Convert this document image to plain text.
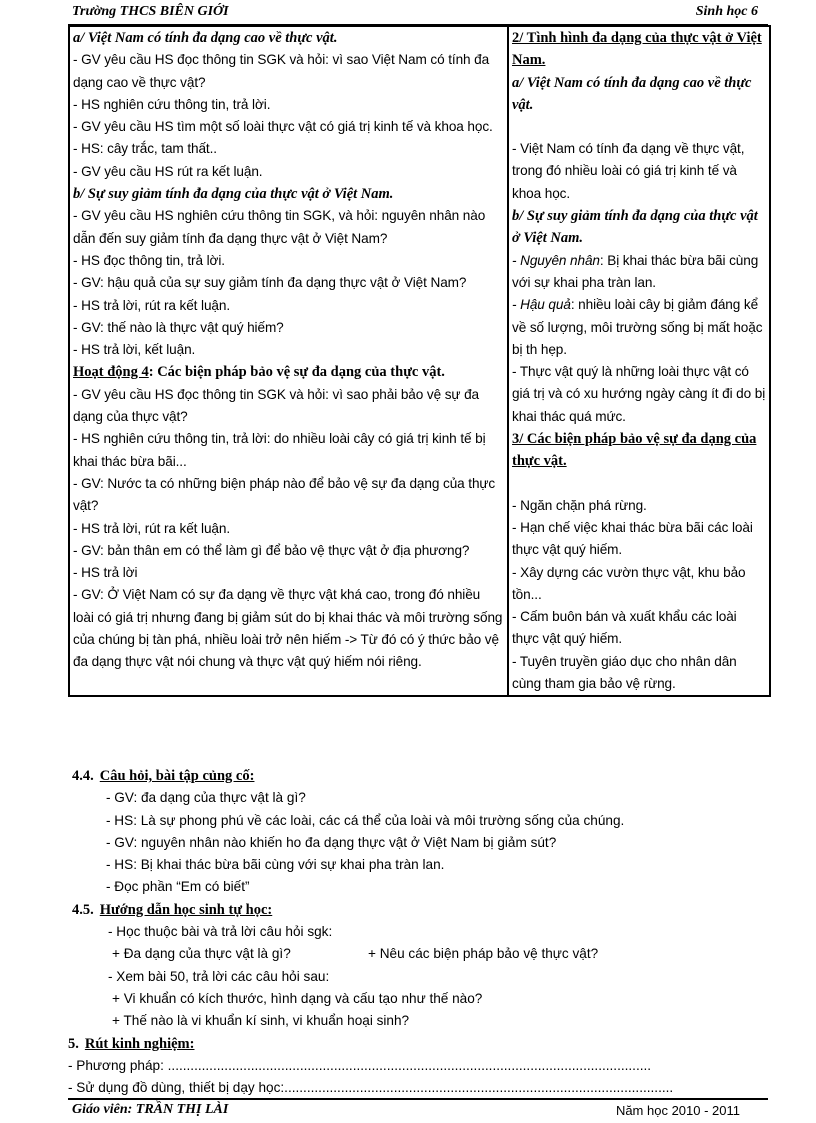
Trường THCS BIÊN GIỚI	Sinh học 6
a/ Việt Nam có tính đa dạng cao về thực vật.
- GV yêu cầu HS đọc thông tin SGK và hỏi: vì sao Việt Nam có tính đa dạng cao về thực vật?
- HS nghiên cứu thông tin, trả lời.
- GV yêu cầu HS tìm một số loài thực vật có giá trị kinh tế và khoa học.
- HS: cây trắc, tam thất..
- GV yêu cầu HS rút ra kết luận.
b/ Sự suy giảm tính đa dạng của thực vật ở Việt Nam.
- GV yêu cầu HS nghiên cứu thông tin SGK, và hỏi: nguyên nhân nào dẫn đến suy giảm tính đa dạng thực vật ở Việt Nam?
- HS đọc thông tin, trả lời.
- GV: hậu quả của sự suy giảm tính đa dạng thực vật ở Việt Nam?
- HS trả lời, rút ra kết luận.
- GV: thế nào là thực vật quý hiếm?
- HS trả lời, kết luận.
Hoạt động 4: Các biện pháp bảo vệ sự đa dạng của thực vật.
- GV yêu cầu HS đọc thông tin SGK và hỏi: vì sao phải bảo vệ sự đa dạng của thực vật?
- HS nghiên cứu thông tin, trả lời: do nhiều loài cây có giá trị kinh tế bị khai thác bừa bãi...
- GV: Nước ta có những biện pháp nào để bảo vệ sự đa dạng của thực vật?
- HS trả lời, rút ra kết luận.
- GV: bản thân em có thể làm gì để bảo vệ thực vật ở địa phương?
- HS trả lời
- GV: Ở Việt Nam có sự đa dạng về thực vật khá cao, trong đó nhiều loài có giá trị nhưng đang bị giảm sút do bị khai thác và môi trường sống của chúng bị tàn phá, nhiều loài trở nên hiếm -> Từ đó có ý thức bảo vệ đa dạng thực vật nói chung và thực vật quý hiếm nói riêng.

2/ Tình hình đa dạng của thực vật ở Việt Nam.
a/ Việt Nam có tính đa dạng cao về thực vật.
- Việt Nam có tính đa dạng về thực vật, trong đó nhiều loài có giá trị kinh tế và khoa học.
b/ Sự suy giảm tính đa dạng của thực vật ở Việt Nam.
- Nguyên nhân: Bị khai thác bừa bãi cùng với sự khai pha tràn lan.
- Hậu quả: nhiều loài cây bị giảm đáng kể về số lượng, môi trường sống bị mất hoặc bị th hẹp.
- Thực vật quý là những loài thực vật có giá trị và có xu hướng ngày càng ít đi do bị khai thác quá mức.
3/ Các biện pháp bảo vệ sự đa dạng của thực vật.
- Ngăn chặn phá rừng.
- Hạn chế việc khai thác bừa bãi các loài thực vật quý hiếm.
- Xây dựng các vườn thực vật, khu bảo tồn...
- Cấm buôn bán và xuất khẩu các loài thực vật quý hiếm.
- Tuyên truyền giáo dục cho nhân dân cùng tham gia bảo vệ rừng.
4.4. Câu hỏi, bài tập củng cố:
- GV: đa dạng của thực vật là gì?
- HS: Là sự phong phú về các loài, các cá thể của loài và môi trường sống của chúng.
- GV: nguyên nhân nào khiến ho đa dạng thực vật ở Việt Nam bị giảm sút?
- HS: Bị khai thác bừa bãi cùng với sự khai pha tràn lan.
- Đọc phần “Em có biết”
4.5. Hướng dẫn học sinh tự học:
- Học thuộc bài và trả lời câu hỏi sgk:
+ Đa dạng của thực vật là gì?	+ Nêu các biện pháp bảo vệ thực vật?
- Xem bài 50, trả lời các câu hỏi sau:
+ Vi khuẩn có kích thước, hình dạng và cấu tạo như thế nào?
+ Thế nào là vi khuẩn kí sinh, vi khuẩn hoại sinh?
5. Rút kinh nghiệm:
- Phương pháp: ................................................................................................................................
- Sử dụng đồ dùng, thiết bị dạy học:.......................................................................................................
Giáo viên: TRẦN THỊ LÀI	Năm học 2010 - 2011
